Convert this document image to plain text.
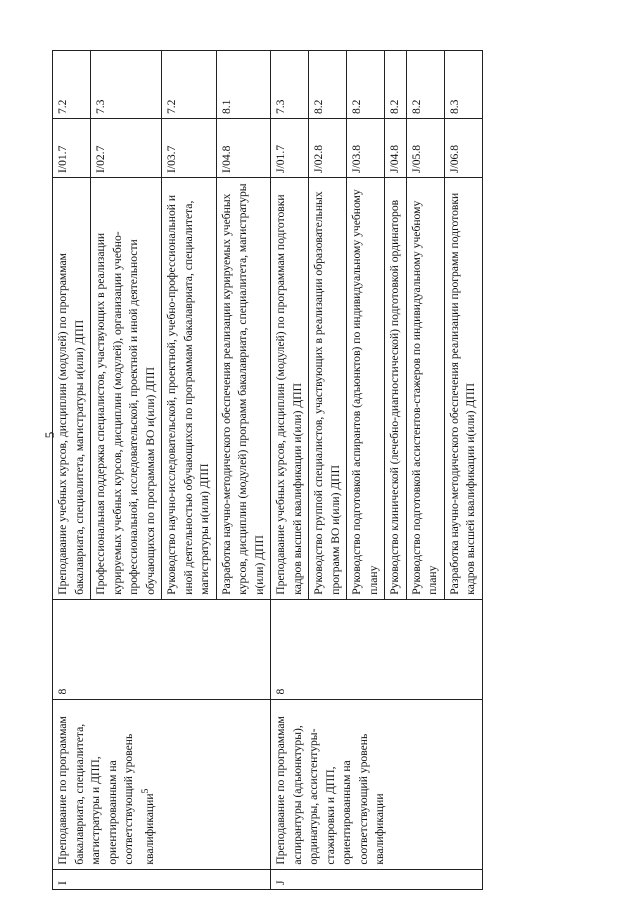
5
I	Преподавание по программам бакалавриата, специалитета, магистратуры и ДПП, ориентированным на соответствующий уровень квалификации$^5$	8	Преподавание учебных курсов, дисциплин (модулей) по программам бакалавриата, специалитета, магистратуры и(или) ДПП	I/01.7	7.2
			Профессиональная поддержка специалистов, участвующих в реализации курируемых учебных курсов, дисциплин (модулей), организации учебно-профессиональной, исследовательской, проектной и иной деятельности обучающихся по программам ВО и(или) ДПП	I/02.7	7.3
			Руководство научно-исследовательской, проектной, учебно-профессиональной и иной деятельностью обучающихся по программам бакалавриата, специалитета, магистратуры и(или) ДПП	I/03.7	7.2
			Разработка научно-методического обеспечения реализации курируемых учебных курсов, дисциплин (модулей) программ бакалавриата, специалитета, магистратуры и(или) ДПП	I/04.8	8.1
J	Преподавание по программам аспирантуры (адъюнктуры), ординатуры, ассистентуры-стажировки и ДПП, ориентированным на соответствующий уровень квалификации	8	Преподавание учебных курсов, дисциплин (модулей) по программам подготовки кадров высшей квалификации и(или) ДПП	J/01.7	7.3
			Руководство группой специалистов, участвующих в реализации образовательных программ ВО и(или) ДПП	J/02.8	8.2
			Руководство подготовкой аспирантов (адъюнктов) по индивидуальному учебному плану	J/03.8	8.2
			Руководство клинической (лечебно-диагностической) подготовкой ординаторов	J/04.8	8.2
			Руководство подготовкой ассистентов-стажеров по индивидуальному учебному плану	J/05.8	8.2
			Разработка научно-методического обеспечения реализации программ подготовки кадров высшей квалификации и(или) ДПП	J/06.8	8.3
